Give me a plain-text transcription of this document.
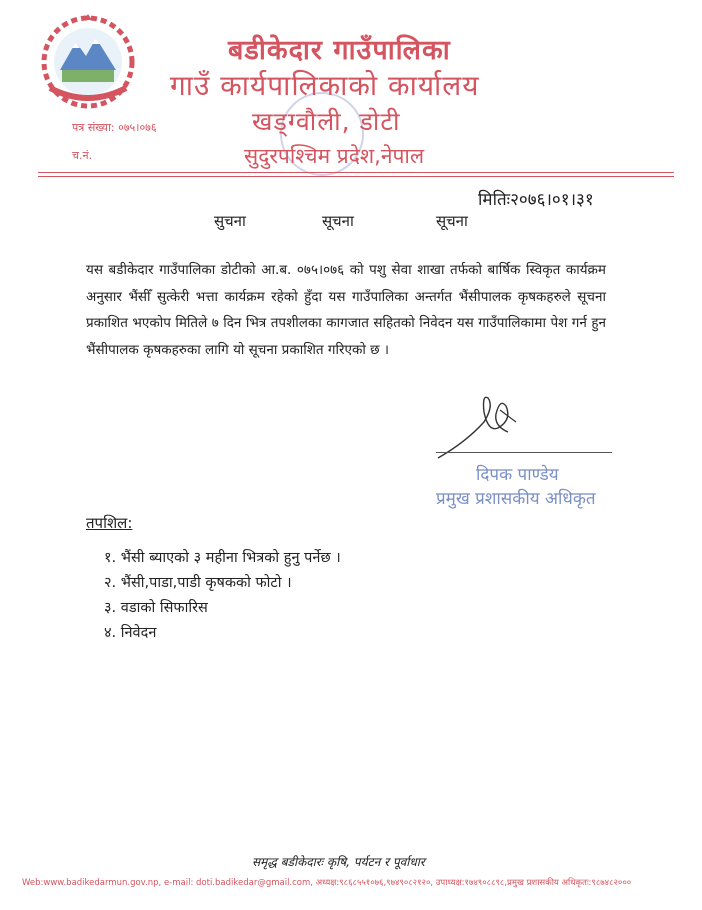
बडीकेदार गाउँपालिका
गाउँ कार्यपालिकाको कार्यालय
खड्ग्वौली, डोटी
सुदुरपश्चिम प्रदेश,नेपाल
पत्र संख्या: ०७५।०७६
च.नं.
मितिः२०७६।०१।३१
सुचना	सूचना	सूचना
यस बडीकेदार गाउँपालिका डोटीको आ.ब. ०७५।०७६ को पशु सेवा शाखा तर्फको बार्षिक स्विकृत कार्यक्रम अनुसार भैंसीँ सुत्केरी भत्ता कार्यक्रम रहेको हुँदा यस गाउँपालिका अन्तर्गत भैंसीपालक कृषकहरुले सूचना प्रकाशित भएकोप मितिले ७ दिन भित्र तपशीलका कागजात सहितको निवेदन यस गाउँपालिकामा पेश गर्न हुन भैंसीपालक कृषकहरुका लागि यो सूचना प्रकाशित गरिएको छ ।
दिपक पाण्डेय
प्रमुख प्रशासकीय अधिकृत
तपशिल:
१. भैंसी ब्याएको ३ महीना भित्रको हुनु पर्नेछ ।
२. भैंसी,पाडा,पाडी कृषकको फोटो ।
३. वडाको सिफारिस
४. निवेदन
समृद्ध बडीकेदारः कृषि, पर्यटन र पूर्वाधार
Web:www.badikedarmun.gov.np, e-mail: doti.badikedar@gmail.com, अध्यक्ष:९८६८५५१०७६,९७४९०८२१२०, उपाध्यक्ष:१७४९०८८९८,प्रमुख प्रशासकीय अधिकृतः:९८७४८२०००
